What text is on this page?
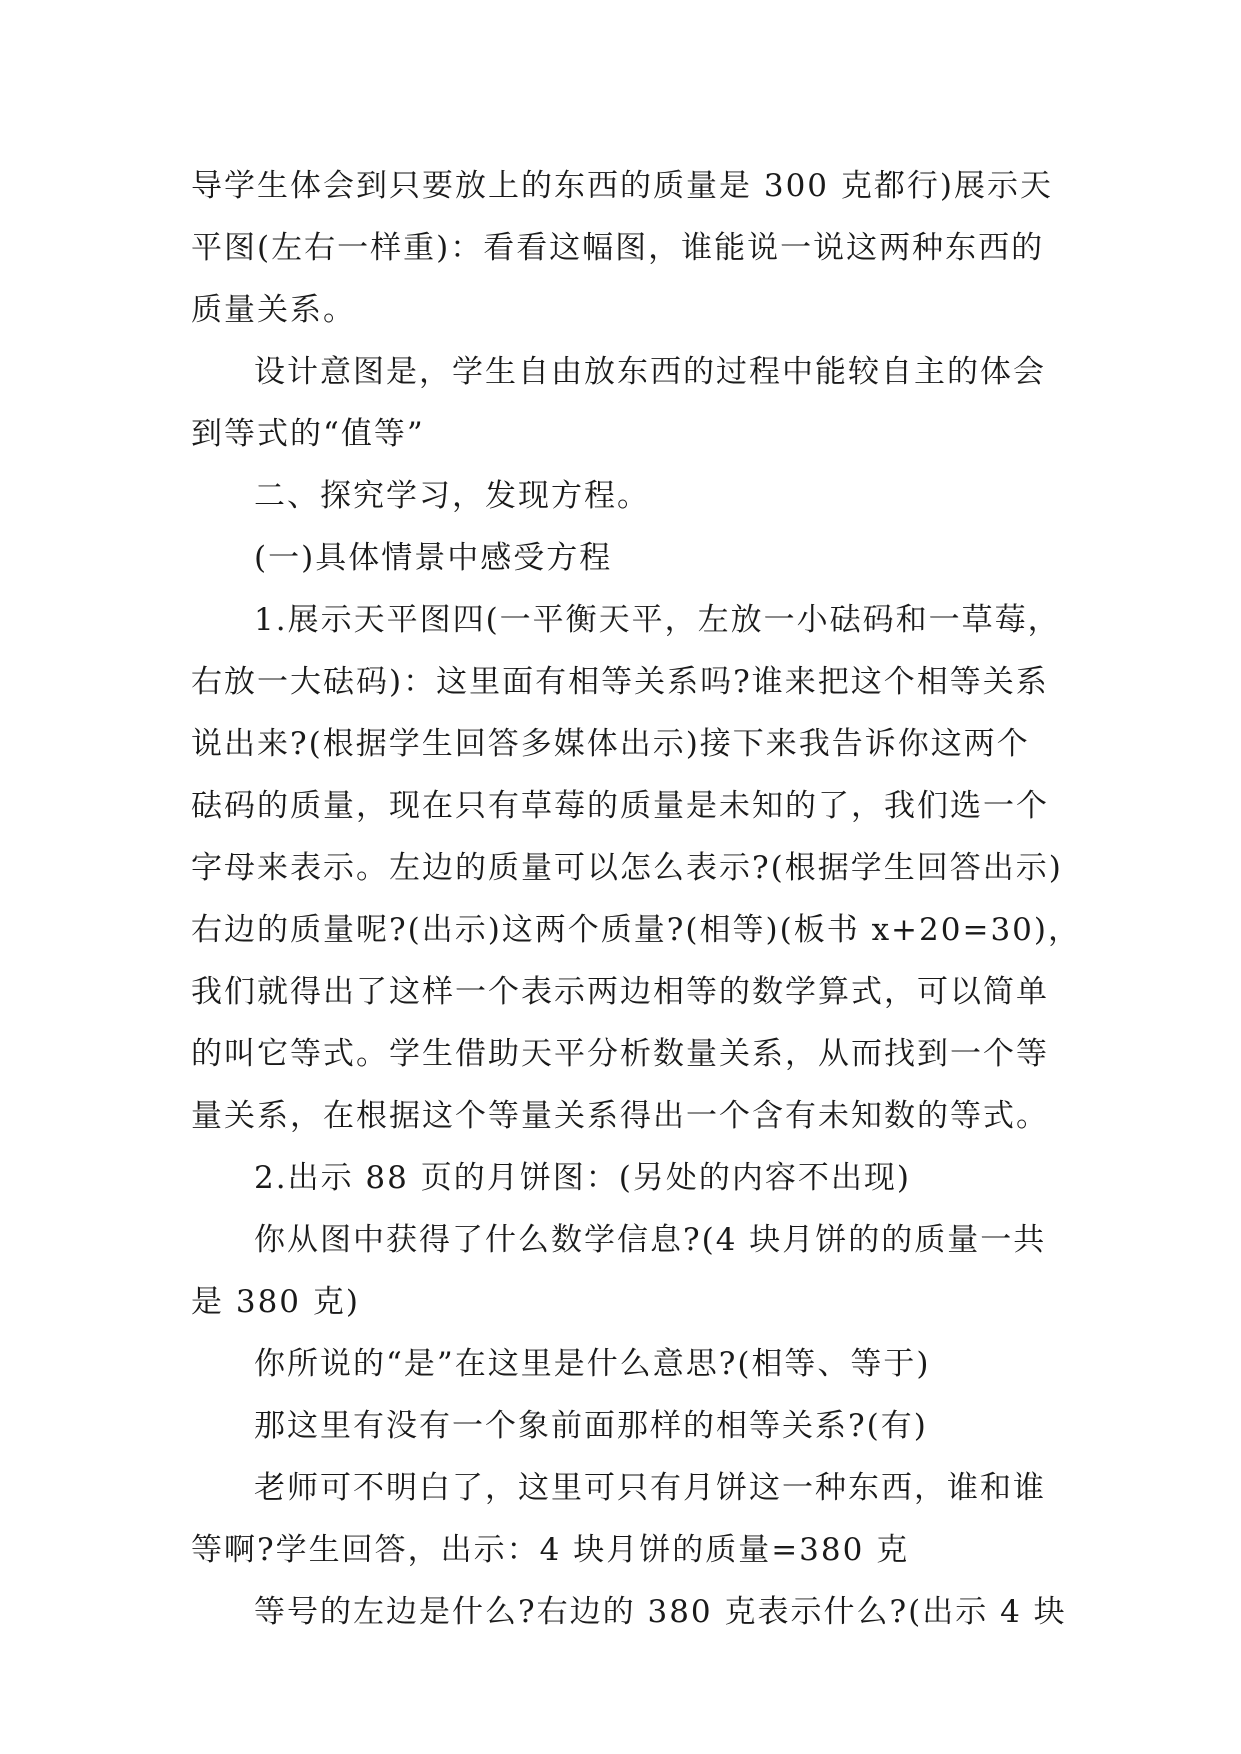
导学生体会到只要放上的东西的质量是 300 克都行)展示天
平图(左右一样重)：看看这幅图，谁能说一说这两种东西的
质量关系。
设计意图是，学生自由放东西的过程中能较自主的体会
到等式的“值等”
二、探究学习，发现方程。
(一)具体情景中感受方程
1.展示天平图四(一平衡天平，左放一小砝码和一草莓，
右放一大砝码)：这里面有相等关系吗?谁来把这个相等关系
说出来?(根据学生回答多媒体出示)接下来我告诉你这两个
砝码的质量，现在只有草莓的质量是未知的了，我们选一个
字母来表示。左边的质量可以怎么表示?(根据学生回答出示)
右边的质量呢?(出示)这两个质量?(相等)(板书 x+20=30)，
我们就得出了这样一个表示两边相等的数学算式，可以简单
的叫它等式。学生借助天平分析数量关系，从而找到一个等
量关系，在根据这个等量关系得出一个含有未知数的等式。
2.出示 88 页的月饼图：(另处的内容不出现)
你从图中获得了什么数学信息?(4 块月饼的的质量一共
是 380 克)
你所说的“是”在这里是什么意思?(相等、等于)
那这里有没有一个象前面那样的相等关系?(有)
老师可不明白了，这里可只有月饼这一种东西，谁和谁
等啊?学生回答，出示：4 块月饼的质量=380 克
等号的左边是什么?右边的 380 克表示什么?(出示 4 块
